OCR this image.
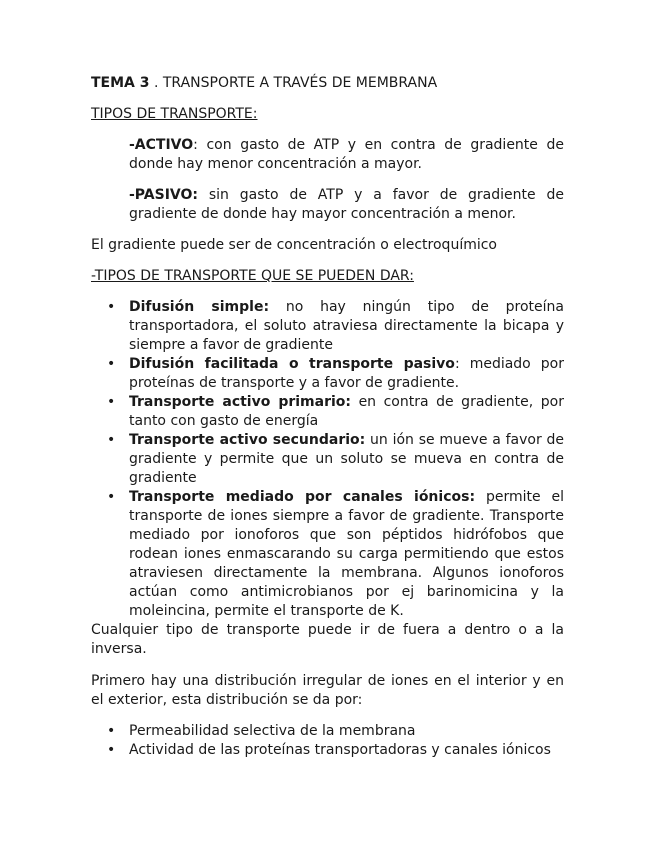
TEMA 3 . TRANSPORTE A TRAVÉS DE MEMBRANA

TIPOS DE TRANSPORTE:

-ACTIVO: con gasto de ATP y en contra de gradiente de donde hay menor concentración a mayor.

-PASIVO: sin gasto de ATP y a favor de gradiente de gradiente de donde hay mayor concentración a menor.

El gradiente puede ser de concentración o electroquímico

-TIPOS DE TRANSPORTE QUE SE PUEDEN DAR:

• Difusión simple: no hay ningún tipo de proteína transportadora, el soluto atraviesa directamente la bicapa y siempre a favor de gradiente
• Difusión facilitada o transporte pasivo: mediado por proteínas de transporte y a favor de gradiente.
• Transporte activo primario: en contra de gradiente, por tanto con gasto de energía
• Transporte activo secundario: un ión se mueve a favor de gradiente y permite que un soluto se mueva en contra de gradiente
• Transporte mediado por canales iónicos: permite el transporte de iones siempre a favor de gradiente. Transporte mediado por ionoforos que son péptidos hidrófobos que rodean iones enmascarando su carga permitiendo que estos atraviesen directamente la membrana. Algunos ionoforos actúan como antimicrobianos por ej barinomicina y la moleincina, permite el transporte de K.

Cualquier tipo de transporte puede ir de fuera a dentro o a la inversa.

Primero hay una distribución irregular de iones en el interior y en el exterior, esta distribución se da por:

• Permeabilidad selectiva de la membrana
• Actividad de las proteínas transportadoras y canales iónicos
